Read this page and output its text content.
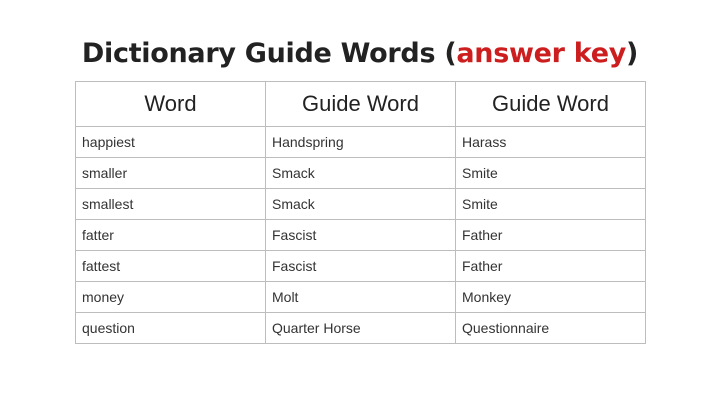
Dictionary Guide Words (answer key)
Word	Guide Word	Guide Word
happiest	Handspring	Harass
smaller	Smack	Smite
smallest	Smack	Smite
fatter	Fascist	Father
fattest	Fascist	Father
money	Molt	Monkey
question	Quarter Horse	Questionnaire
